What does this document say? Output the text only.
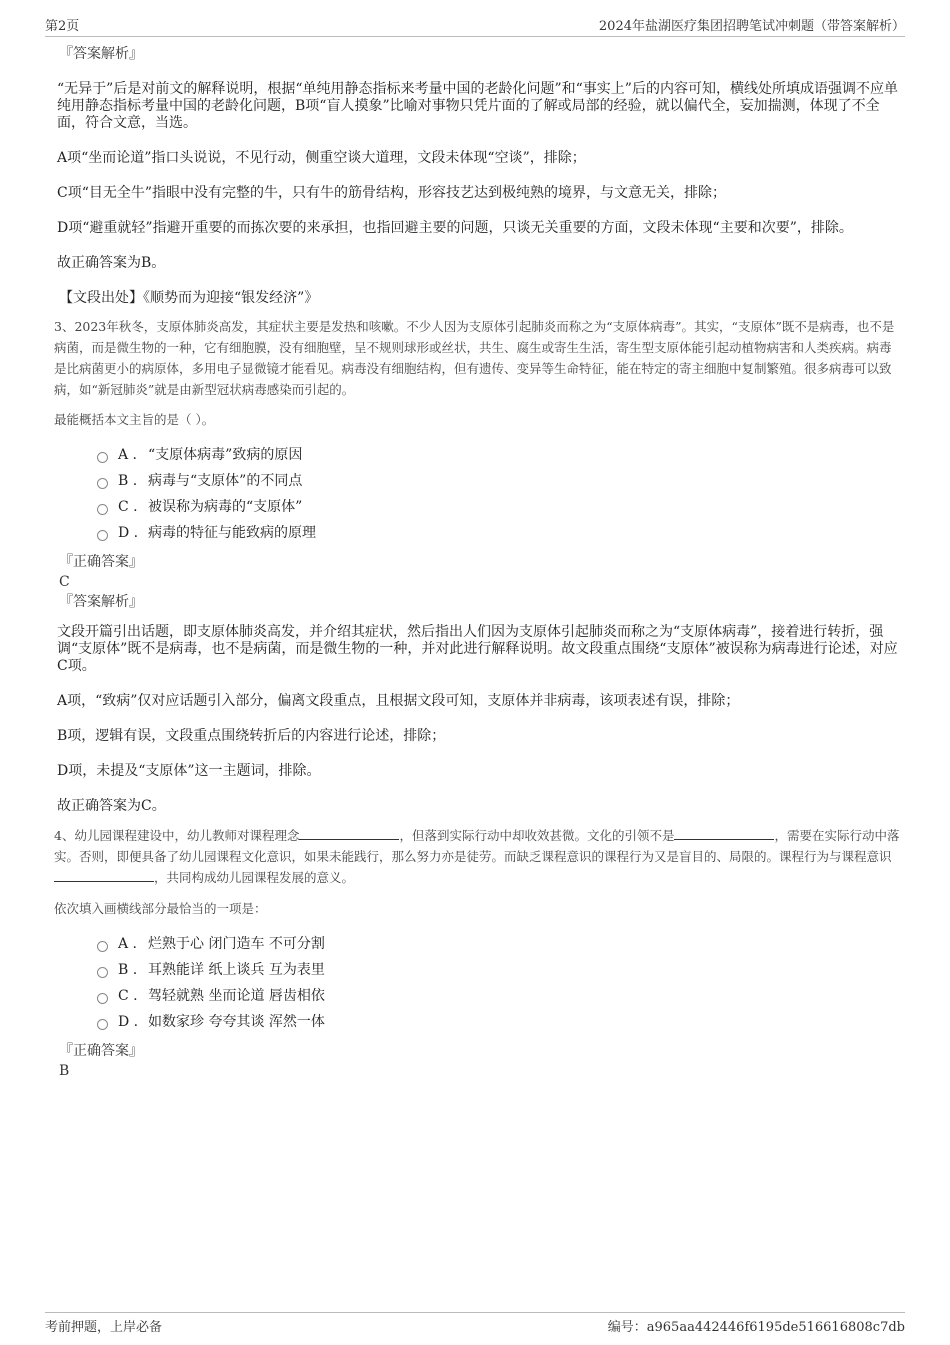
第2页	2024年盐湖医疗集团招聘笔试冲刺题（带答案解析）
『答案解析』

“无异于”后是对前文的解释说明，根据“单纯用静态指标来考量中国的老龄化问题”和“事实上”后的内容可知，横线处所填成语强调不应单纯用静态指标考量中国的老龄化问题，B项“盲人摸象”比喻对事物只凭片面的了解或局部的经验，就以偏代全，妄加揣测，体现了不全面，符合文意，当选。

A项“坐而论道”指口头说说，不见行动，侧重空谈大道理，文段未体现“空谈”，排除；

C项“目无全牛”指眼中没有完整的牛，只有牛的筋骨结构，形容技艺达到极纯熟的境界，与文意无关，排除；

D项“避重就轻”指避开重要的而拣次要的来承担，也指回避主要的问题，只谈无关重要的方面，文段未体现“主要和次要”，排除。

故正确答案为B。

【文段出处】《顺势而为迎接“银发经济”》

3、2023年秋冬，支原体肺炎高发，其症状主要是发热和咳嗽。不少人因为支原体引起肺炎而称之为“支原体病毒”。其实，“支原体”既不是病毒，也不是病菌，而是微生物的一种，它有细胞膜，没有细胞壁，呈不规则球形或丝状，共生、腐生或寄生生活，寄生型支原体能引起动植物病害和人类疾病。病毒是比病菌更小的病原体，多用电子显微镜才能看见。病毒没有细胞结构，但有遗传、变异等生命特征，能在特定的寄主细胞中复制繁殖。很多病毒可以致病，如“新冠肺炎”就是由新型冠状病毒感染而引起的。

最能概括本文主旨的是（ ）。

A . “支原体病毒”致病的原因
B . 病毒与“支原体”的不同点
C . 被误称为病毒的“支原体”
D . 病毒的特征与能致病的原理
『正确答案』
C
『答案解析』

文段开篇引出话题，即支原体肺炎高发，并介绍其症状，然后指出人们因为支原体引起肺炎而称之为“支原体病毒”，接着进行转折，强调“支原体”既不是病毒，也不是病菌，而是微生物的一种，并对此进行解释说明。故文段重点围绕“支原体”被误称为病毒进行论述，对应C项。

A项，“致病”仅对应话题引入部分，偏离文段重点，且根据文段可知，支原体并非病毒，该项表述有误，排除；

B项，逻辑有误，文段重点围绕转折后的内容进行论述，排除；

D项，未提及“支原体”这一主题词，排除。

故正确答案为C。

4、幼儿园课程建设中，幼儿教师对课程理念	，但落到实际行动中却收效甚微。文化的引领不是	，需要在实际行动中落实。否则，即便具备了幼儿园课程文化意识，如果未能践行，那么努力亦是徒劳。而缺乏课程意识的课程行为又是盲目的、局限的。课程行为与课程意识，共同构成幼儿园课程发展的意义。

依次填入画横线部分最恰当的一项是：

A . 烂熟于心 闭门造车 不可分割
B . 耳熟能详 纸上谈兵 互为表里
C . 驾轻就熟 坐而论道 唇齿相依
D . 如数家珍 夸夸其谈 浑然一体
『正确答案』
B
考前押题，上岸必备	编号：a965aa442446f6195de516616808c7db
